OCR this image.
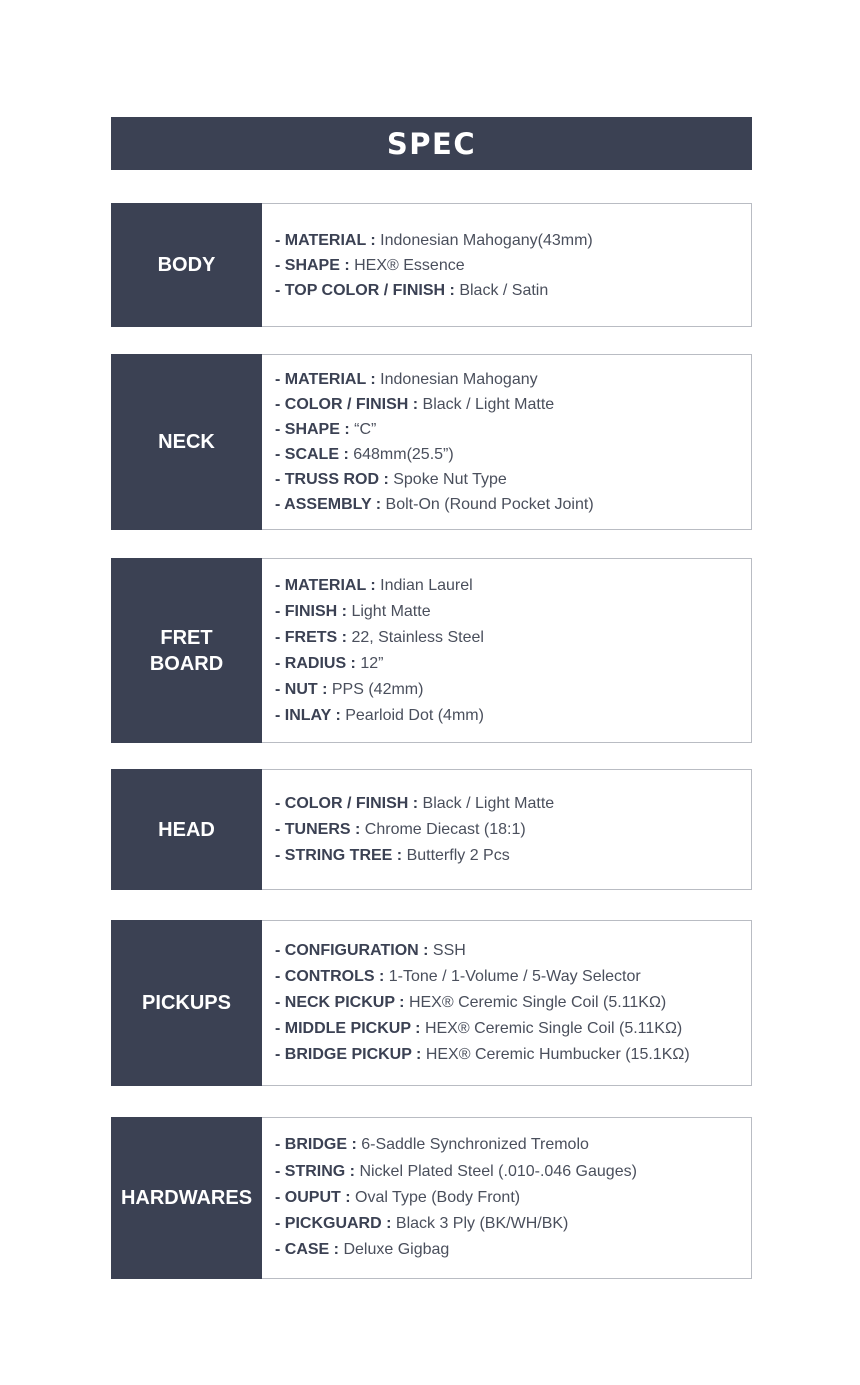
SPEC
BODY
- MATERIAL : Indonesian Mahogany(43mm)
- SHAPE : HEX® Essence
- TOP COLOR / FINISH : Black / Satin
NECK
- MATERIAL : Indonesian Mahogany
- COLOR / FINISH : Black / Light Matte
- SHAPE : “C”
- SCALE : 648mm(25.5”)
- TRUSS ROD : Spoke Nut Type
- ASSEMBLY : Bolt-On (Round Pocket Joint)
FRET
BOARD
- MATERIAL : Indian Laurel
- FINISH : Light Matte
- FRETS : 22, Stainless Steel
- RADIUS : 12”
- NUT : PPS (42mm)
- INLAY : Pearloid Dot (4mm)
HEAD
- COLOR / FINISH : Black / Light Matte
- TUNERS : Chrome Diecast (18:1)
- STRING TREE : Butterfly 2 Pcs
PICKUPS
- CONFIGURATION : SSH
- CONTROLS : 1-Tone / 1-Volume / 5-Way Selector
- NECK PICKUP : HEX® Ceremic Single Coil (5.11KΩ)
- MIDDLE PICKUP : HEX® Ceremic Single Coil (5.11KΩ)
- BRIDGE PICKUP : HEX® Ceremic Humbucker (15.1KΩ)
HARDWARES
- BRIDGE : 6-Saddle Synchronized Tremolo
- STRING : Nickel Plated Steel (.010-.046 Gauges)
- OUPUT : Oval Type (Body Front)
- PICKGUARD : Black 3 Ply (BK/WH/BK)
- CASE : Deluxe Gigbag
